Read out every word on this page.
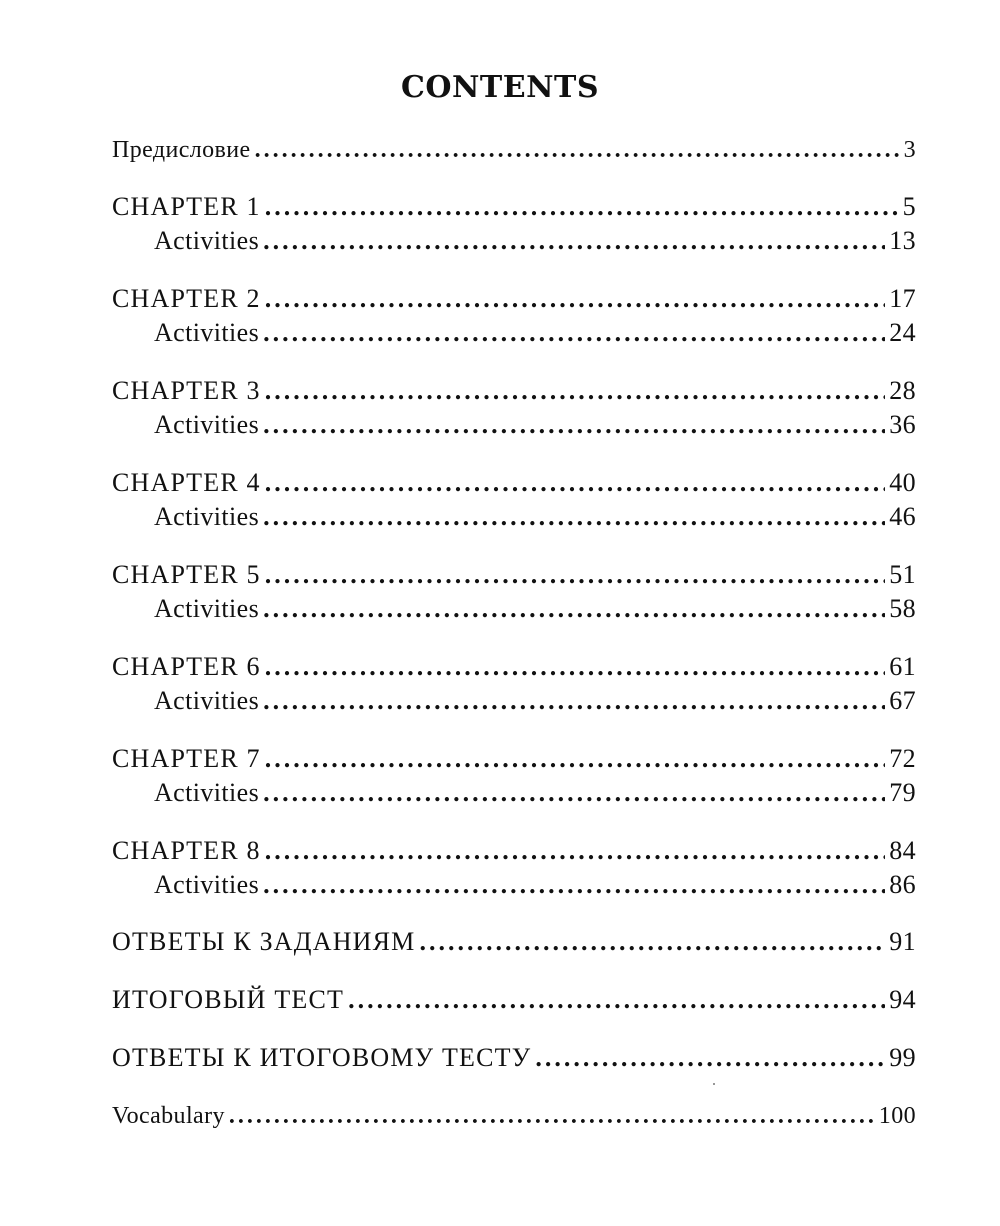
CONTENTS
Предисловие .....	3
CHAPTER 1 .....	5
Activities .....	13
CHAPTER 2 .....	17
Activities .....	24
CHAPTER 3 .....	28
Activities .....	36
CHAPTER 4 .....	40
Activities .....	46
CHAPTER 5 .....	51
Activities .....	58
CHAPTER 6 .....	61
Activities .....	67
CHAPTER 7 .....	72
Activities .....	79
CHAPTER 8 .....	84
Activities .....	86
ОТВЕТЫ К ЗАДАНИЯМ .....	91
ИТОГОВЫЙ ТЕСТ .....	94
ОТВЕТЫ К ИТОГОВОМУ ТЕСТУ .....	99
Vocabulary .....	100
